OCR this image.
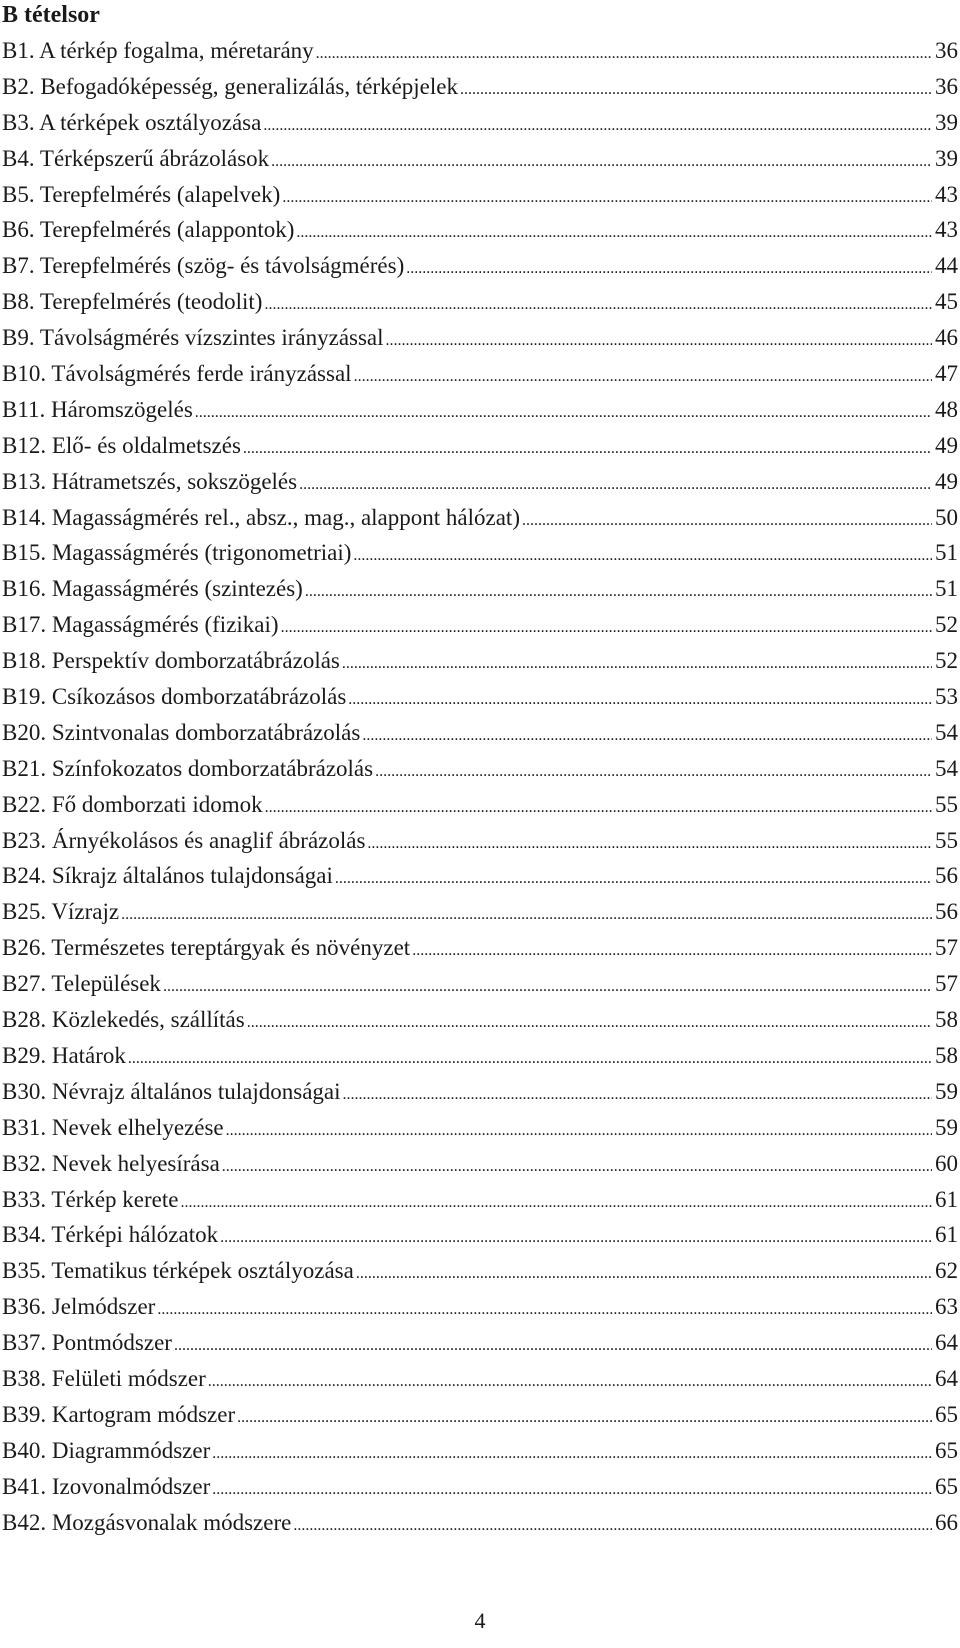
B tételsor
B1. A térkép fogalma, méretarány .....	36
B2. Befogadóképesség, generalizálás, térképjelek .....	36
B3. A térképek osztályozása .....	39
B4. Térképszerű ábrázolások .....	39
B5. Terepfelmérés (alapelvek) .....	43
B6. Terepfelmérés (alappontok) .....	43
B7. Terepfelmérés (szög- és távolságmérés) .....	44
B8. Terepfelmérés (teodolit) .....	45
B9. Távolságmérés vízszintes irányzással .....	46
B10. Távolságmérés ferde irányzással .....	47
B11. Háromszögelés .....	48
B12. Elő- és oldalmetszés .....	49
B13. Hátrametszés, sokszögelés .....	49
B14. Magasságmérés rel., absz., mag., alappont hálózat) .....	50
B15. Magasságmérés (trigonometriai) .....	51
B16. Magasságmérés (szintezés) .....	51
B17. Magasságmérés (fizikai) .....	52
B18. Perspektív domborzatábrázolás .....	52
B19. Csíkozásos domborzatábrázolás .....	53
B20. Szintvonalas domborzatábrázolás .....	54
B21. Színfokozatos domborzatábrázolás .....	54
B22. Fő domborzati idomok .....	55
B23. Árnyékolásos és anaglif ábrázolás .....	55
B24. Síkrajz általános tulajdonságai .....	56
B25. Vízrajz .....	56
B26. Természetes tereptárgyak és növényzet .....	57
B27. Települések .....	57
B28. Közlekedés, szállítás .....	58
B29. Határok .....	58
B30. Névrajz általános tulajdonságai .....	59
B31. Nevek elhelyezése .....	59
B32. Nevek helyesírása .....	60
B33. Térkép kerete .....	61
B34. Térképi hálózatok .....	61
B35. Tematikus térképek osztályozása .....	62
B36. Jelmódszer .....	63
B37. Pontmódszer .....	64
B38. Felületi módszer .....	64
B39. Kartogram módszer .....	65
B40. Diagrammódszer .....	65
B41. Izovonalmódszer .....	65
B42. Mozgásvonalak módszere .....	66

4
